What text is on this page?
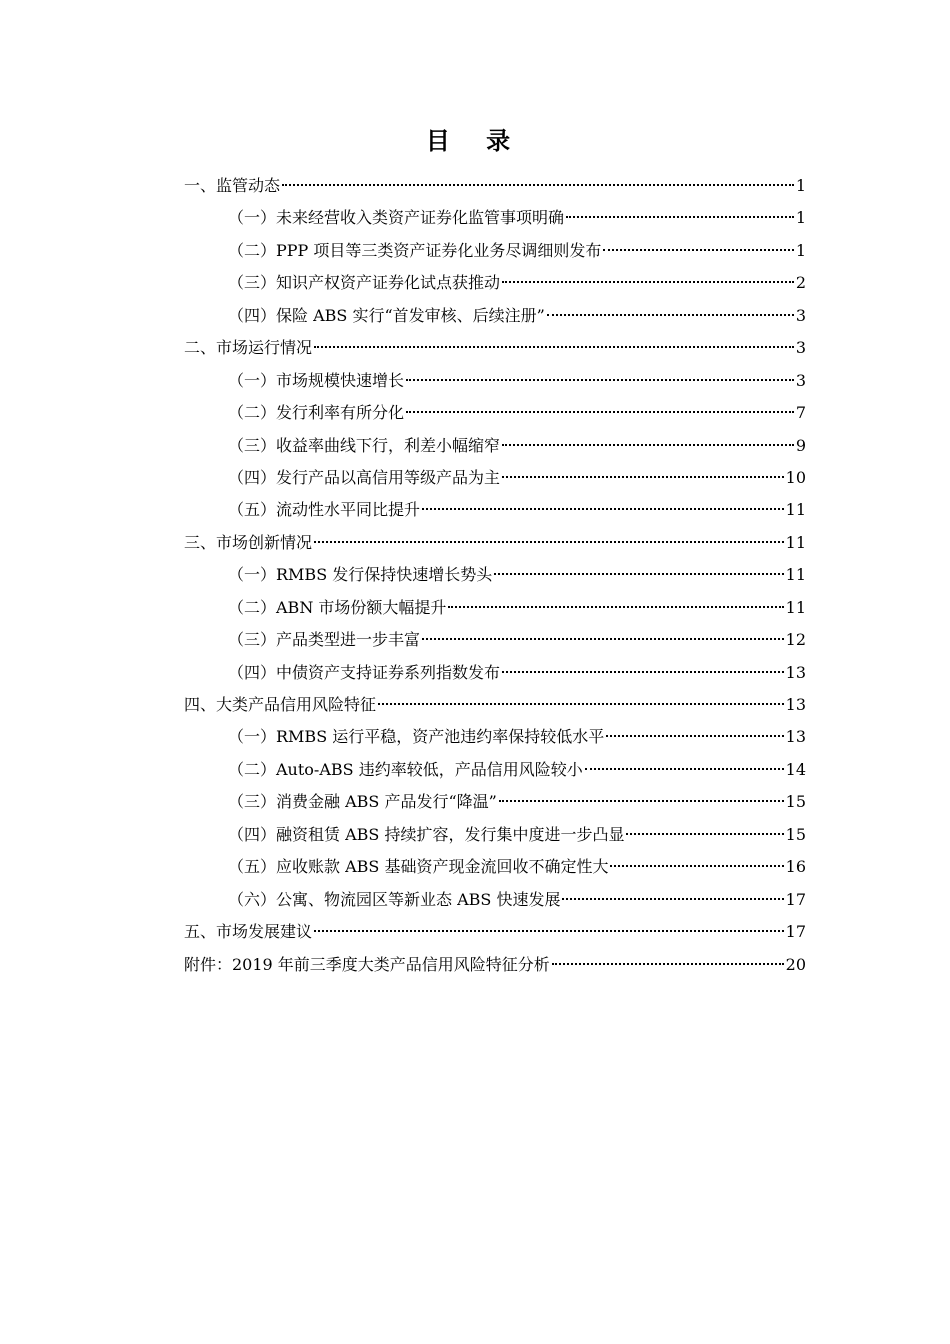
目 录
一、监管动态	1
（一）未来经营收入类资产证券化监管事项明确	1
（二）PPP 项目等三类资产证券化业务尽调细则发布	1
（三）知识产权资产证券化试点获推动	2
（四）保险 ABS 实行“首发审核、后续注册”	3
二、市场运行情况	3
（一）市场规模快速增长	3
（二）发行利率有所分化	7
（三）收益率曲线下行，利差小幅缩窄	9
（四）发行产品以高信用等级产品为主	10
（五）流动性水平同比提升	11
三、市场创新情况	11
（一）RMBS 发行保持快速增长势头	11
（二）ABN 市场份额大幅提升	11
（三）产品类型进一步丰富	12
（四）中债资产支持证券系列指数发布	13
四、大类产品信用风险特征	13
（一）RMBS 运行平稳，资产池违约率保持较低水平	13
（二）Auto-ABS 违约率较低，产品信用风险较小	14
（三）消费金融 ABS 产品发行“降温”	15
（四）融资租赁 ABS 持续扩容，发行集中度进一步凸显	15
（五）应收账款 ABS 基础资产现金流回收不确定性大	16
（六）公寓、物流园区等新业态 ABS 快速发展	17
五、市场发展建议	17
附件：2019 年前三季度大类产品信用风险特征分析	20
